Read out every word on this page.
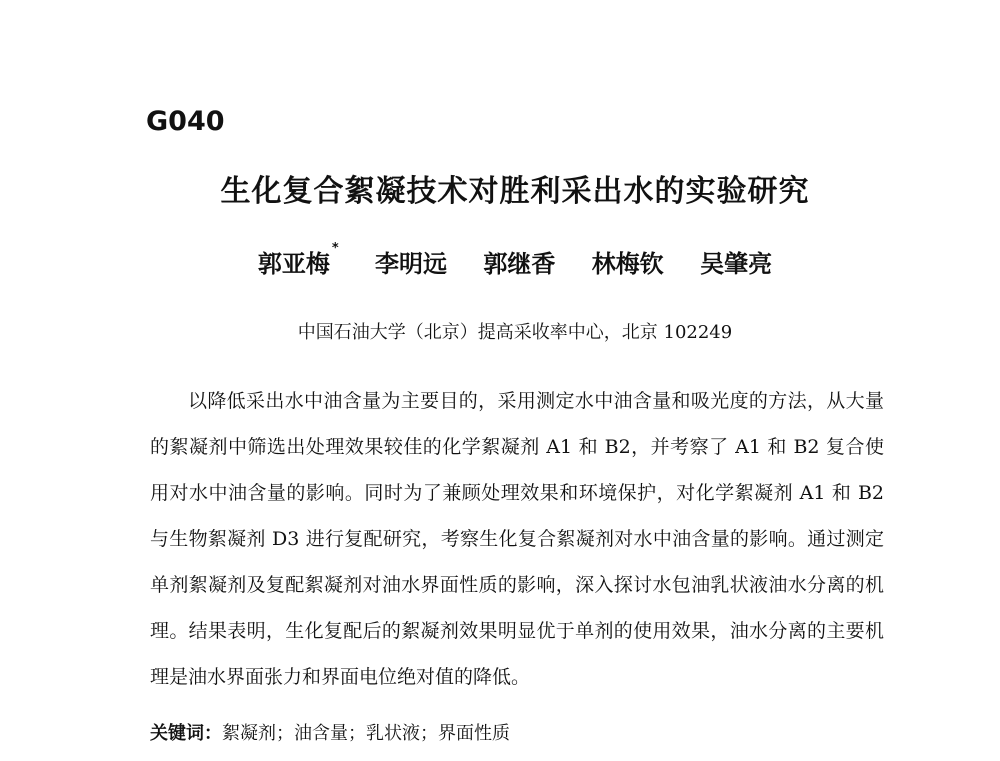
G040
生化复合絮凝技术对胜利采出水的实验研究
郭亚梅* 李明远 郭继香 林梅钦 吴肇亮
中国石油大学（北京）提高采收率中心，北京 102249

以降低采出水中油含量为主要目的，采用测定水中油含量和吸光度的方法，从大量的絮凝剂中筛选出处理效果较佳的化学絮凝剂 A1 和 B2，并考察了 A1 和 B2 复合使用对水中油含量的影响。同时为了兼顾处理效果和环境保护，对化学絮凝剂 A1 和 B2 与生物絮凝剂 D3 进行复配研究，考察生化复合絮凝剂对水中油含量的影响。通过测定单剂絮凝剂及复配絮凝剂对油水界面性质的影响，深入探讨水包油乳状液油水分离的机理。结果表明，生化复配后的絮凝剂效果明显优于单剂的使用效果，油水分离的主要机理是油水界面张力和界面电位绝对值的降低。

关键词：絮凝剂；油含量；乳状液；界面性质
